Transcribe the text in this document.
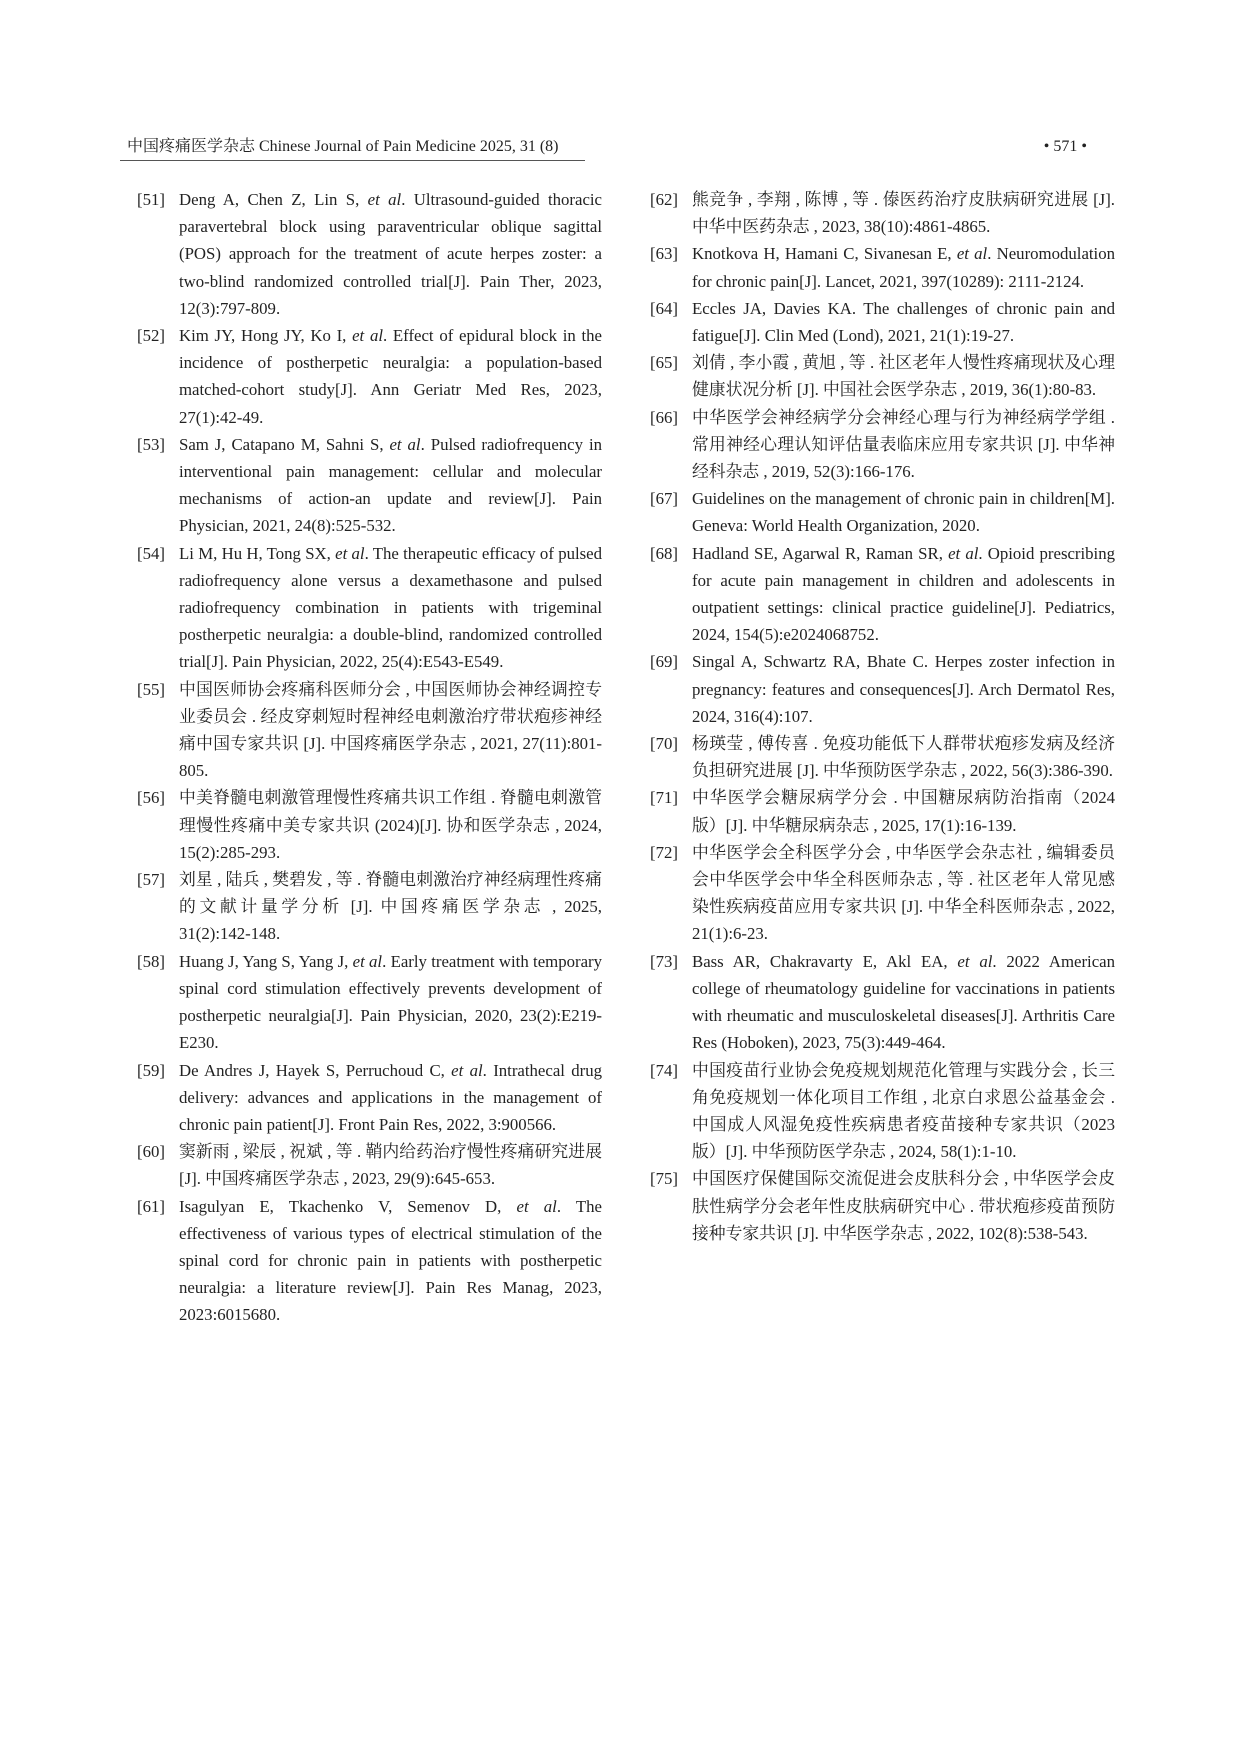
中国疼痛医学杂志 Chinese Journal of Pain Medicine 2025, 31 (8)	• 571 •
[51] Deng A, Chen Z, Lin S, et al. Ultrasound-guided thoracic paravertebral block using paraventricular oblique sagittal (POS) approach for the treatment of acute herpes zoster: a two-blind randomized controlled trial[J]. Pain Ther, 2023, 12(3):797-809.
[52] Kim JY, Hong JY, Ko I, et al. Effect of epidural block in the incidence of postherpetic neuralgia: a population-based matched-cohort study[J]. Ann Geriatr Med Res, 2023, 27(1):42-49.
[53] Sam J, Catapano M, Sahni S, et al. Pulsed radiofrequency in interventional pain management: cellular and molecular mechanisms of action-an update and review[J]. Pain Physician, 2021, 24(8):525-532.
[54] Li M, Hu H, Tong SX, et al. The therapeutic efficacy of pulsed radiofrequency alone versus a dexamethasone and pulsed radiofrequency combination in patients with trigeminal postherpetic neuralgia: a double-blind, randomized controlled trial[J]. Pain Physician, 2022, 25(4):E543-E549.
[55] 中国医师协会疼痛科医师分会 , 中国医师协会神经调控专业委员会 . 经皮穿刺短时程神经电刺激治疗带状疱疹神经痛中国专家共识 [J]. 中国疼痛医学杂志 , 2021, 27(11):801-805.
[56] 中美脊髓电刺激管理慢性疼痛共识工作组 . 脊髓电刺激管理慢性疼痛中美专家共识 (2024)[J]. 协和医学杂志 , 2024, 15(2):285-293.
[57] 刘星 , 陆兵 , 樊碧发 , 等 . 脊髓电刺激治疗神经病理性疼痛的文献计量学分析 [J]. 中国疼痛医学杂志 , 2025, 31(2):142-148.
[58] Huang J, Yang S, Yang J, et al. Early treatment with temporary spinal cord stimulation effectively prevents development of postherpetic neuralgia[J]. Pain Physician, 2020, 23(2):E219-E230.
[59] De Andres J, Hayek S, Perruchoud C, et al. Intrathecal drug delivery: advances and applications in the management of chronic pain patient[J]. Front Pain Res, 2022, 3:900566.
[60] 窦新雨 , 梁辰 , 祝斌 , 等 . 鞘内给药治疗慢性疼痛研究进展 [J]. 中国疼痛医学杂志 , 2023, 29(9):645-653.
[61] Isagulyan E, Tkachenko V, Semenov D, et al. The effectiveness of various types of electrical stimulation of the spinal cord for chronic pain in patients with postherpetic neuralgia: a literature review[J]. Pain Res Manag, 2023, 2023:6015680.
[62] 熊竞争 , 李翔 , 陈博 , 等 . 傣医药治疗皮肤病研究进展 [J]. 中华中医药杂志 , 2023, 38(10):4861-4865.
[63] Knotkova H, Hamani C, Sivanesan E, et al. Neuromodulation for chronic pain[J]. Lancet, 2021, 397(10289): 2111-2124.
[64] Eccles JA, Davies KA. The challenges of chronic pain and fatigue[J]. Clin Med (Lond), 2021, 21(1):19-27.
[65] 刘倩 , 李小霞 , 黄旭 , 等 . 社区老年人慢性疼痛现状及心理健康状况分析 [J]. 中国社会医学杂志 , 2019, 36(1):80-83.
[66] 中华医学会神经病学分会神经心理与行为神经病学学组 . 常用神经心理认知评估量表临床应用专家共识 [J]. 中华神经科杂志 , 2019, 52(3):166-176.
[67] Guidelines on the management of chronic pain in children[M]. Geneva: World Health Organization, 2020.
[68] Hadland SE, Agarwal R, Raman SR, et al. Opioid prescribing for acute pain management in children and adolescents in outpatient settings: clinical practice guideline[J]. Pediatrics, 2024, 154(5):e2024068752.
[69] Singal A, Schwartz RA, Bhate C. Herpes zoster infection in pregnancy: features and consequences[J]. Arch Dermatol Res, 2024, 316(4):107.
[70] 杨瑛莹 , 傅传喜 . 免疫功能低下人群带状疱疹发病及经济负担研究进展 [J]. 中华预防医学杂志 , 2022, 56(3):386-390.
[71] 中华医学会糖尿病学分会 . 中国糖尿病防治指南（2024 版）[J]. 中华糖尿病杂志 , 2025, 17(1):16-139.
[72] 中华医学会全科医学分会 , 中华医学会杂志社 , 编辑委员会中华医学会中华全科医师杂志 , 等 . 社区老年人常见感染性疾病疫苗应用专家共识 [J]. 中华全科医师杂志 , 2022, 21(1):6-23.
[73] Bass AR, Chakravarty E, Akl EA, et al. 2022 American college of rheumatology guideline for vaccinations in patients with rheumatic and musculoskeletal diseases[J]. Arthritis Care Res (Hoboken), 2023, 75(3):449-464.
[74] 中国疫苗行业协会免疫规划规范化管理与实践分会 , 长三角免疫规划一体化项目工作组 , 北京白求恩公益基金会 . 中国成人风湿免疫性疾病患者疫苗接种专家共识（2023 版）[J]. 中华预防医学杂志 , 2024, 58(1):1-10.
[75] 中国医疗保健国际交流促进会皮肤科分会 , 中华医学会皮肤性病学分会老年性皮肤病研究中心 . 带状疱疹疫苗预防接种专家共识 [J]. 中华医学杂志 , 2022, 102(8):538-543.
